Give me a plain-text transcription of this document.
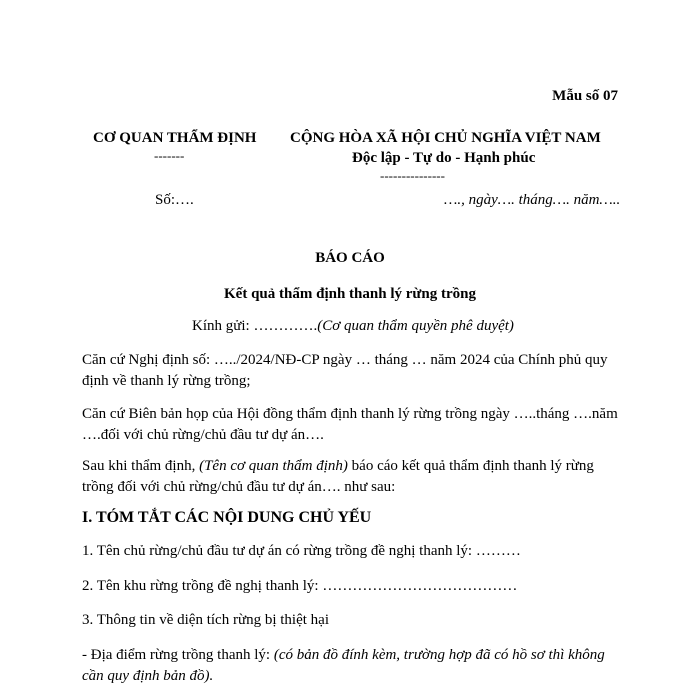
Mẫu số 07
CƠ QUAN THẨM ĐỊNH
-------
CỘNG HÒA XÃ HỘI CHỦ NGHĨA VIỆT NAM
Độc lập - Tự do - Hạnh phúc
---------------
Số:….	…., ngày…. tháng…. năm…..
BÁO CÁO
Kết quả thẩm định thanh lý rừng trồng
Kính gửi: ………….(Cơ quan thẩm quyền phê duyệt)
Căn cứ Nghị định số: …../2024/NĐ-CP ngày … tháng … năm 2024 của Chính phủ quy định về thanh lý rừng trồng;
Căn cứ Biên bản họp của Hội đồng thẩm định thanh lý rừng trồng ngày …..tháng ….năm ….đối với chủ rừng/chủ đầu tư dự án….
Sau khi thẩm định, (Tên cơ quan thẩm định) báo cáo kết quả thẩm định thanh lý rừng trồng đối với chủ rừng/chủ đầu tư dự án…. như sau:
I. TÓM TẮT CÁC NỘI DUNG CHỦ YẾU
1. Tên chủ rừng/chủ đầu tư dự án có rừng trồng đề nghị thanh lý: ………
2. Tên khu rừng trồng đề nghị thanh lý: …………………………………
3. Thông tin về diện tích rừng bị thiệt hại
- Địa điểm rừng trồng thanh lý: (có bản đồ đính kèm, trường hợp đã có hồ sơ thì không cần quy định bản đồ).
